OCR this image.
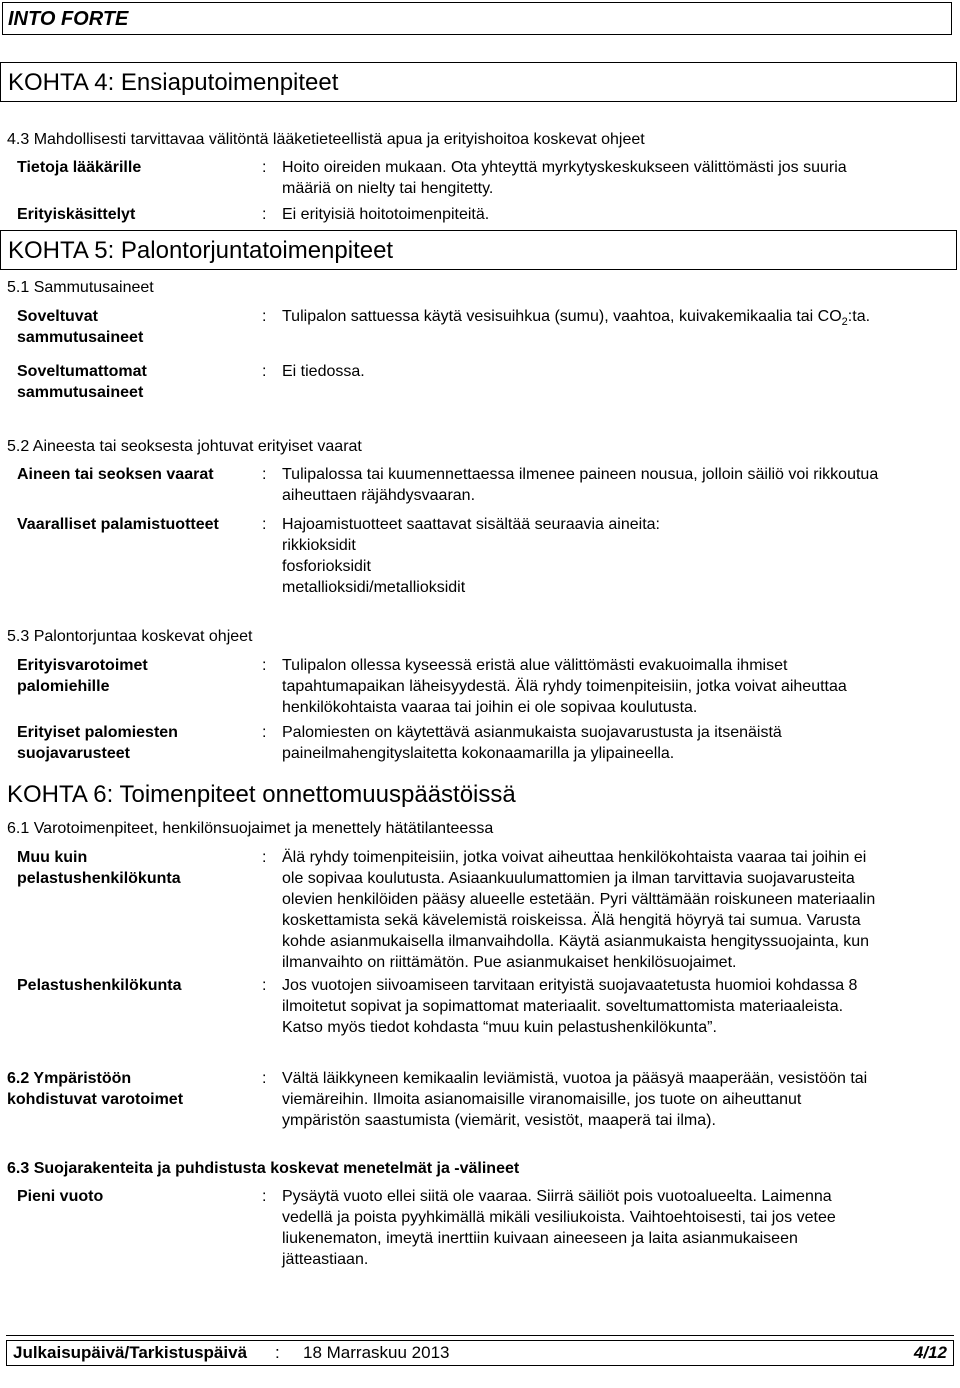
INTO FORTE
KOHTA 4: Ensiaputoimenpiteet
4.3 Mahdollisesti tarvittavaa välitöntä lääketieteellistä apua ja erityishoitoa koskevat ohjeet
Tietoja lääkärille	: Hoito oireiden mukaan. Ota yhteyttä myrkytyskeskukseen välittömästi jos suuria
määriä on nielty tai hengitetty.
Erityiskäsittelyt	: Ei erityisiä hoitotoimenpiteitä.
KOHTA 5: Palontorjuntatoimenpiteet
5.1 Sammutusaineet
Soveltuvat
sammutusaineet
: Tulipalon sattuessa käytä vesisuihkua (sumu), vaahtoa, kuivakemikaalia tai $CO_2:ta$.
Soveltumattomat
sammutusaineet
: Ei tiedossa.
5.2 Aineesta tai seoksesta johtuvat erityiset vaarat
Aineen tai seoksen vaarat	: Tulipalossa tai kuumennettaessa ilmenee paineen nousua, jolloin säiliö voi rikkoutua
aiheuttaen räjähdysvaaran.
Vaaralliset palamistuotteet	: Hajoamistuotteet saattavat sisältää seuraavia aineita:
rikkioksidit
fosforioksidit
metallioksidi/metallioksidit
5.3 Palontorjuntaa koskevat ohjeet
Erityisvarotoimet
palomiehille
: Tulipalon ollessa kyseessä eristä alue välittömästi evakuoimalla ihmiset
tapahtumapaikan läheisyydestä. Älä ryhdy toimenpiteisiin, jotka voivat aiheuttaa
henkilökohtaista vaaraa tai joihin ei ole sopivaa koulutusta.
Erityiset palomiesten
suojavarusteet
: Palomiesten on käytettävä asianmukaista suojavarustusta ja itsenäistä
paineilmahengityslaitetta kokonaamarilla ja ylipaineella.
KOHTA 6: Toimenpiteet onnettomuuspäästöissä
6.1 Varotoimenpiteet, henkilönsuojaimet ja menettely hätätilanteessa
Muu kuin
pelastushenkilökunta
: Älä ryhdy toimenpiteisiin, jotka voivat aiheuttaa henkilökohtaista vaaraa tai joihin ei
ole sopivaa koulutusta. Asiaankuulumattomien ja ilman tarvittavia suojavarusteita
olevien henkilöiden pääsy alueelle estetään. Pyri välttämään roiskuneen materiaalin
koskettamista sekä kävelemistä roiskeissa. Älä hengitä höyryä tai sumua. Varusta
kohde asianmukaisella ilmanvaihdolla. Käytä asianmukaista hengityssuojainta, kun
ilmanvaihto on riittämätön. Pue asianmukaiset henkilösuojaimet.
Pelastushenkilökunta	: Jos vuotojen siivoamiseen tarvitaan erityistä suojavaatetusta huomioi kohdassa 8
ilmoitetut sopivat ja sopimattomat materiaalit. soveltumattomista materiaaleista.
Katso myös tiedot kohdasta “muu kuin pelastushenkilökunta”.
6.2 Ympäristöön
kohdistuvat varotoimet
: Vältä läikkyneen kemikaalin leviämistä, vuotoa ja pääsyä maaperään, vesistöön tai
viemäreihin. Ilmoita asianomaisille viranomaisille, jos tuote on aiheuttanut
ympäristön saastumista (viemärit, vesistöt, maaperä tai ilma).
6.3 Suojarakenteita ja puhdistusta koskevat menetelmät ja -välineet
Pieni vuoto	: Pysäytä vuoto ellei siitä ole vaaraa. Siirrä säiliöt pois vuotoalueelta. Laimenna
vedellä ja poista pyyhkimällä mikäli vesiliukoista. Vaihtoehtoisesti, tai jos vetee
liukenematon, imeytä inerttiin kuivaan aineeseen ja laita asianmukaiseen
jätteastiaan.
Julkaisupäivä/Tarkistuspäivä : 18 Marraskuu 2013	4/12
